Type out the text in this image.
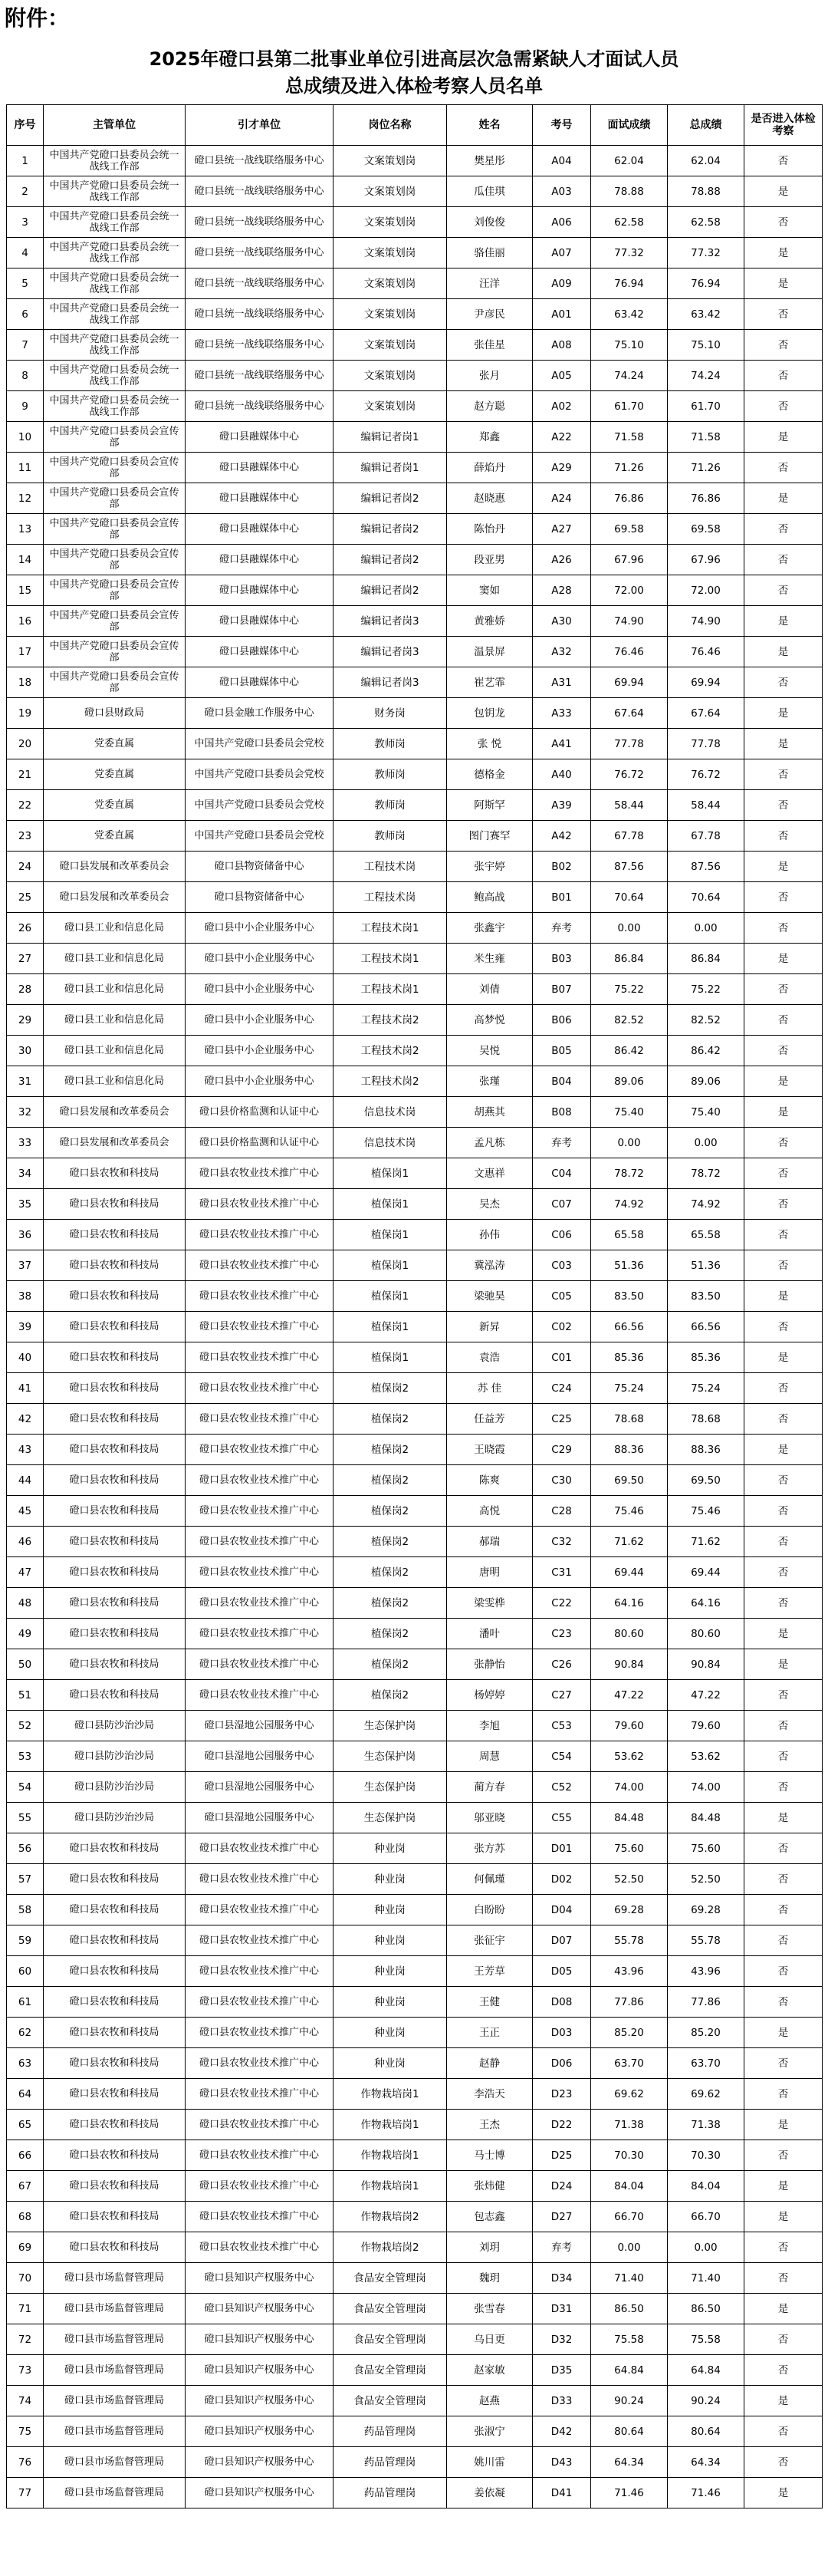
附件：
2025年磴口县第二批事业单位引进高层次急需紧缺人才面试人员
总成绩及进入体检考察人员名单
序号	主管单位	引才单位	岗位名称	姓名	考号	面试成绩	总成绩	是否进入体检考察
1	中国共产党磴口县委员会统一战线工作部	磴口县统一战线联络服务中心	文案策划岗	樊星彤	A04	62.04	62.04	否
2	中国共产党磴口县委员会统一战线工作部	磴口县统一战线联络服务中心	文案策划岗	瓜佳琪	A03	78.88	78.88	是
3	中国共产党磴口县委员会统一战线工作部	磴口县统一战线联络服务中心	文案策划岗	刘俊俊	A06	62.58	62.58	否
4	中国共产党磴口县委员会统一战线工作部	磴口县统一战线联络服务中心	文案策划岗	骆佳丽	A07	77.32	77.32	是
5	中国共产党磴口县委员会统一战线工作部	磴口县统一战线联络服务中心	文案策划岗	汪洋	A09	76.94	76.94	是
6	中国共产党磴口县委员会统一战线工作部	磴口县统一战线联络服务中心	文案策划岗	尹彦民	A01	63.42	63.42	否
7	中国共产党磴口县委员会统一战线工作部	磴口县统一战线联络服务中心	文案策划岗	张佳星	A08	75.10	75.10	否
8	中国共产党磴口县委员会统一战线工作部	磴口县统一战线联络服务中心	文案策划岗	张月	A05	74.24	74.24	否
9	中国共产党磴口县委员会统一战线工作部	磴口县统一战线联络服务中心	文案策划岗	赵方聪	A02	61.70	61.70	否
10	中国共产党磴口县委员会宣传部	磴口县融媒体中心	编辑记者岗1	郑鑫	A22	71.58	71.58	是
11	中国共产党磴口县委员会宣传部	磴口县融媒体中心	编辑记者岗1	薛焰丹	A29	71.26	71.26	否
12	中国共产党磴口县委员会宣传部	磴口县融媒体中心	编辑记者岗2	赵晓惠	A24	76.86	76.86	是
13	中国共产党磴口县委员会宣传部	磴口县融媒体中心	编辑记者岗2	陈怡丹	A27	69.58	69.58	否
14	中国共产党磴口县委员会宣传部	磴口县融媒体中心	编辑记者岗2	段亚男	A26	67.96	67.96	否
15	中国共产党磴口县委员会宣传部	磴口县融媒体中心	编辑记者岗2	窦如	A28	72.00	72.00	否
16	中国共产党磴口县委员会宣传部	磴口县融媒体中心	编辑记者岗3	黄雅娇	A30	74.90	74.90	是
17	中国共产党磴口县委员会宣传部	磴口县融媒体中心	编辑记者岗3	温景屏	A32	76.46	76.46	是
18	中国共产党磴口县委员会宣传部	磴口县融媒体中心	编辑记者岗3	崔艺霏	A31	69.94	69.94	否
19	磴口县财政局	磴口县金融工作服务中心	财务岗	包钥龙	A33	67.64	67.64	是
20	党委直属	中国共产党磴口县委员会党校	教师岗	张 悦	A41	77.78	77.78	是
21	党委直属	中国共产党磴口县委员会党校	教师岗	德格金	A40	76.72	76.72	否
22	党委直属	中国共产党磴口县委员会党校	教师岗	阿斯罕	A39	58.44	58.44	否
23	党委直属	中国共产党磴口县委员会党校	教师岗	图门赛罕	A42	67.78	67.78	否
24	磴口县发展和改革委员会	磴口县物资储备中心	工程技术岗	张宇婷	B02	87.56	87.56	是
25	磴口县发展和改革委员会	磴口县物资储备中心	工程技术岗	鲍高战	B01	70.64	70.64	否
26	磴口县工业和信息化局	磴口县中小企业服务中心	工程技术岗1	张鑫宇	弃考	0.00	0.00	否
27	磴口县工业和信息化局	磴口县中小企业服务中心	工程技术岗1	米生雍	B03	86.84	86.84	是
28	磴口县工业和信息化局	磴口县中小企业服务中心	工程技术岗1	刘倩	B07	75.22	75.22	否
29	磴口县工业和信息化局	磴口县中小企业服务中心	工程技术岗2	高梦悦	B06	82.52	82.52	否
30	磴口县工业和信息化局	磴口县中小企业服务中心	工程技术岗2	吴悦	B05	86.42	86.42	否
31	磴口县工业和信息化局	磴口县中小企业服务中心	工程技术岗2	张瑾	B04	89.06	89.06	是
32	磴口县发展和改革委员会	磴口县价格监测和认证中心	信息技术岗	胡燕其	B08	75.40	75.40	是
33	磴口县发展和改革委员会	磴口县价格监测和认证中心	信息技术岗	孟凡栋	弃考	0.00	0.00	否
34	磴口县农牧和科技局	磴口县农牧业技术推广中心	植保岗1	文惠祥	C04	78.72	78.72	否
35	磴口县农牧和科技局	磴口县农牧业技术推广中心	植保岗1	吴杰	C07	74.92	74.92	否
36	磴口县农牧和科技局	磴口县农牧业技术推广中心	植保岗1	孙伟	C06	65.58	65.58	否
37	磴口县农牧和科技局	磴口县农牧业技术推广中心	植保岗1	冀泓涛	C03	51.36	51.36	否
38	磴口县农牧和科技局	磴口县农牧业技术推广中心	植保岗1	梁驰昊	C05	83.50	83.50	是
39	磴口县农牧和科技局	磴口县农牧业技术推广中心	植保岗1	新昇	C02	66.56	66.56	否
40	磴口县农牧和科技局	磴口县农牧业技术推广中心	植保岗1	袁浩	C01	85.36	85.36	是
41	磴口县农牧和科技局	磴口县农牧业技术推广中心	植保岗2	苏 佳	C24	75.24	75.24	否
42	磴口县农牧和科技局	磴口县农牧业技术推广中心	植保岗2	任益芳	C25	78.68	78.68	否
43	磴口县农牧和科技局	磴口县农牧业技术推广中心	植保岗2	王晓霞	C29	88.36	88.36	是
44	磴口县农牧和科技局	磴口县农牧业技术推广中心	植保岗2	陈爽	C30	69.50	69.50	否
45	磴口县农牧和科技局	磴口县农牧业技术推广中心	植保岗2	高悦	C28	75.46	75.46	否
46	磴口县农牧和科技局	磴口县农牧业技术推广中心	植保岗2	郝瑞	C32	71.62	71.62	否
47	磴口县农牧和科技局	磴口县农牧业技术推广中心	植保岗2	唐明	C31	69.44	69.44	否
48	磴口县农牧和科技局	磴口县农牧业技术推广中心	植保岗2	梁雯桦	C22	64.16	64.16	否
49	磴口县农牧和科技局	磴口县农牧业技术推广中心	植保岗2	潘叶	C23	80.60	80.60	是
50	磴口县农牧和科技局	磴口县农牧业技术推广中心	植保岗2	张静怡	C26	90.84	90.84	是
51	磴口县农牧和科技局	磴口县农牧业技术推广中心	植保岗2	杨婷婷	C27	47.22	47.22	否
52	磴口县防沙治沙局	磴口县湿地公园服务中心	生态保护岗	李旭	C53	79.60	79.60	否
53	磴口县防沙治沙局	磴口县湿地公园服务中心	生态保护岗	周慧	C54	53.62	53.62	否
54	磴口县防沙治沙局	磴口县湿地公园服务中心	生态保护岗	蔺方春	C52	74.00	74.00	否
55	磴口县防沙治沙局	磴口县湿地公园服务中心	生态保护岗	邬亚晓	C55	84.48	84.48	是
56	磴口县农牧和科技局	磴口县农牧业技术推广中心	种业岗	张方苏	D01	75.60	75.60	否
57	磴口县农牧和科技局	磴口县农牧业技术推广中心	种业岗	何佩瑾	D02	52.50	52.50	否
58	磴口县农牧和科技局	磴口县农牧业技术推广中心	种业岗	白盼盼	D04	69.28	69.28	否
59	磴口县农牧和科技局	磴口县农牧业技术推广中心	种业岗	张征宇	D07	55.78	55.78	否
60	磴口县农牧和科技局	磴口县农牧业技术推广中心	种业岗	王芳草	D05	43.96	43.96	否
61	磴口县农牧和科技局	磴口县农牧业技术推广中心	种业岗	王健	D08	77.86	77.86	否
62	磴口县农牧和科技局	磴口县农牧业技术推广中心	种业岗	王正	D03	85.20	85.20	是
63	磴口县农牧和科技局	磴口县农牧业技术推广中心	种业岗	赵静	D06	63.70	63.70	否
64	磴口县农牧和科技局	磴口县农牧业技术推广中心	作物栽培岗1	李浩天	D23	69.62	69.62	否
65	磴口县农牧和科技局	磴口县农牧业技术推广中心	作物栽培岗1	王杰	D22	71.38	71.38	是
66	磴口县农牧和科技局	磴口县农牧业技术推广中心	作物栽培岗1	马士博	D25	70.30	70.30	否
67	磴口县农牧和科技局	磴口县农牧业技术推广中心	作物栽培岗1	张炜健	D24	84.04	84.04	是
68	磴口县农牧和科技局	磴口县农牧业技术推广中心	作物栽培岗2	包志鑫	D27	66.70	66.70	是
69	磴口县农牧和科技局	磴口县农牧业技术推广中心	作物栽培岗2	刘玥	弃考	0.00	0.00	否
70	磴口县市场监督管理局	磴口县知识产权服务中心	食品安全管理岗	魏玥	D34	71.40	71.40	否
71	磴口县市场监督管理局	磴口县知识产权服务中心	食品安全管理岗	张雪春	D31	86.50	86.50	是
72	磴口县市场监督管理局	磴口县知识产权服务中心	食品安全管理岗	乌日更	D32	75.58	75.58	否
73	磴口县市场监督管理局	磴口县知识产权服务中心	食品安全管理岗	赵家敏	D35	64.84	64.84	否
74	磴口县市场监督管理局	磴口县知识产权服务中心	食品安全管理岗	赵燕	D33	90.24	90.24	是
75	磴口县市场监督管理局	磴口县知识产权服务中心	药品管理岗	张淑宁	D42	80.64	80.64	否
76	磴口县市场监督管理局	磴口县知识产权服务中心	药品管理岗	姚川雷	D43	64.34	64.34	否
77	磴口县市场监督管理局	磴口县知识产权服务中心	药品管理岗	姜依凝	D41	71.46	71.46	是
